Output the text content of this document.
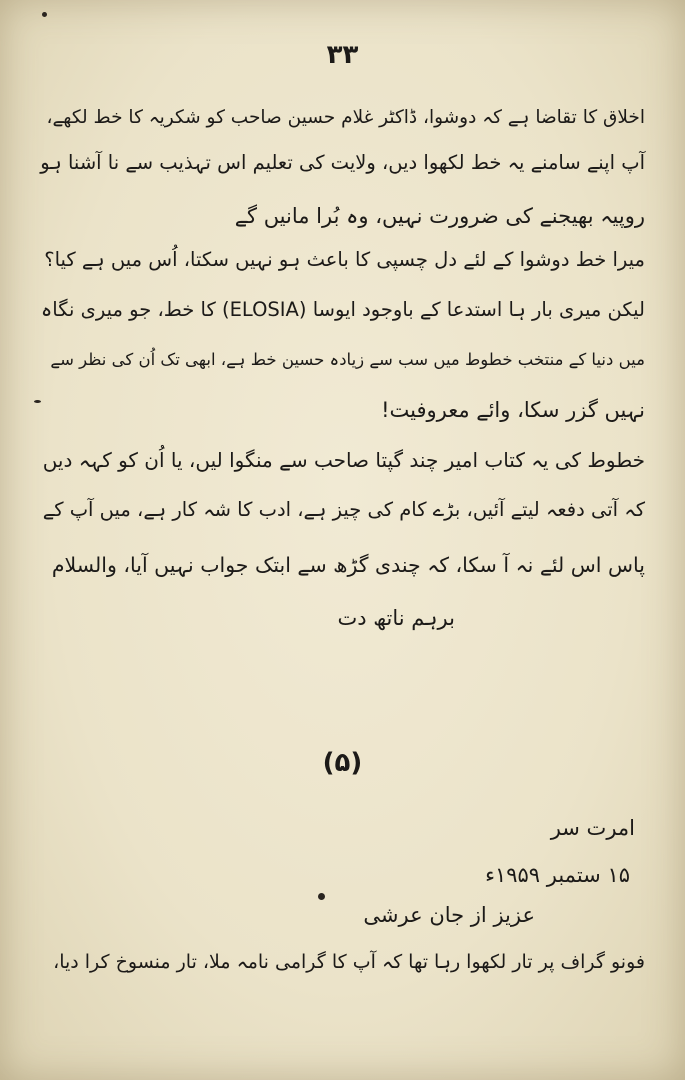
۳۳
اخلاق کا تقاضا ہے کہ دوشوا، ڈاکٹر غلام حسین صاحب کو شکریہ کا خط لکھے،
آپ اپنے سامنے یہ خط لکھوا دیں، ولایت کی تعلیم اس تہذیب سے نا آشنا ہو
روپیہ بھیجنے کی ضرورت نہیں، وہ بُرا مانیں گے
میرا خط دوشوا کے لئے دل چسپی کا باعث ہو نہیں سکتا، اُس میں ہے کیا؟
لیکن میری بار ہا استدعا کے باوجود ایوسا (ELOSIA) کا خط، جو میری نگاہ
میں دنیا کے منتخب خطوط میں سب سے زیادہ حسین خط ہے، ابھی تک اُن کی نظر سے
نہیں گزر سکا، وائے معروفیت!
خطوط کی یہ کتاب امیر چند گپتا صاحب سے منگوا لیں، یا اُن کو کہہ دیں
کہ آتی دفعہ لیتے آئیں، بڑے کام کی چیز ہے، ادب کا شہ کار ہے، میں آپ کے
پاس اس لئے نہ آ سکا، کہ چندی گڑھ سے ابتک جواب نہیں آیا، والسلام
برہم ناتھ دت
(۵)
امرت سر
۱۵ ستمبر ۱۹۵۹ء
عزیز از جان عرشی
فونو گراف پر تار لکھوا رہا تھا کہ آپ کا گرامی نامہ ملا، تار منسوخ کرا دیا،
